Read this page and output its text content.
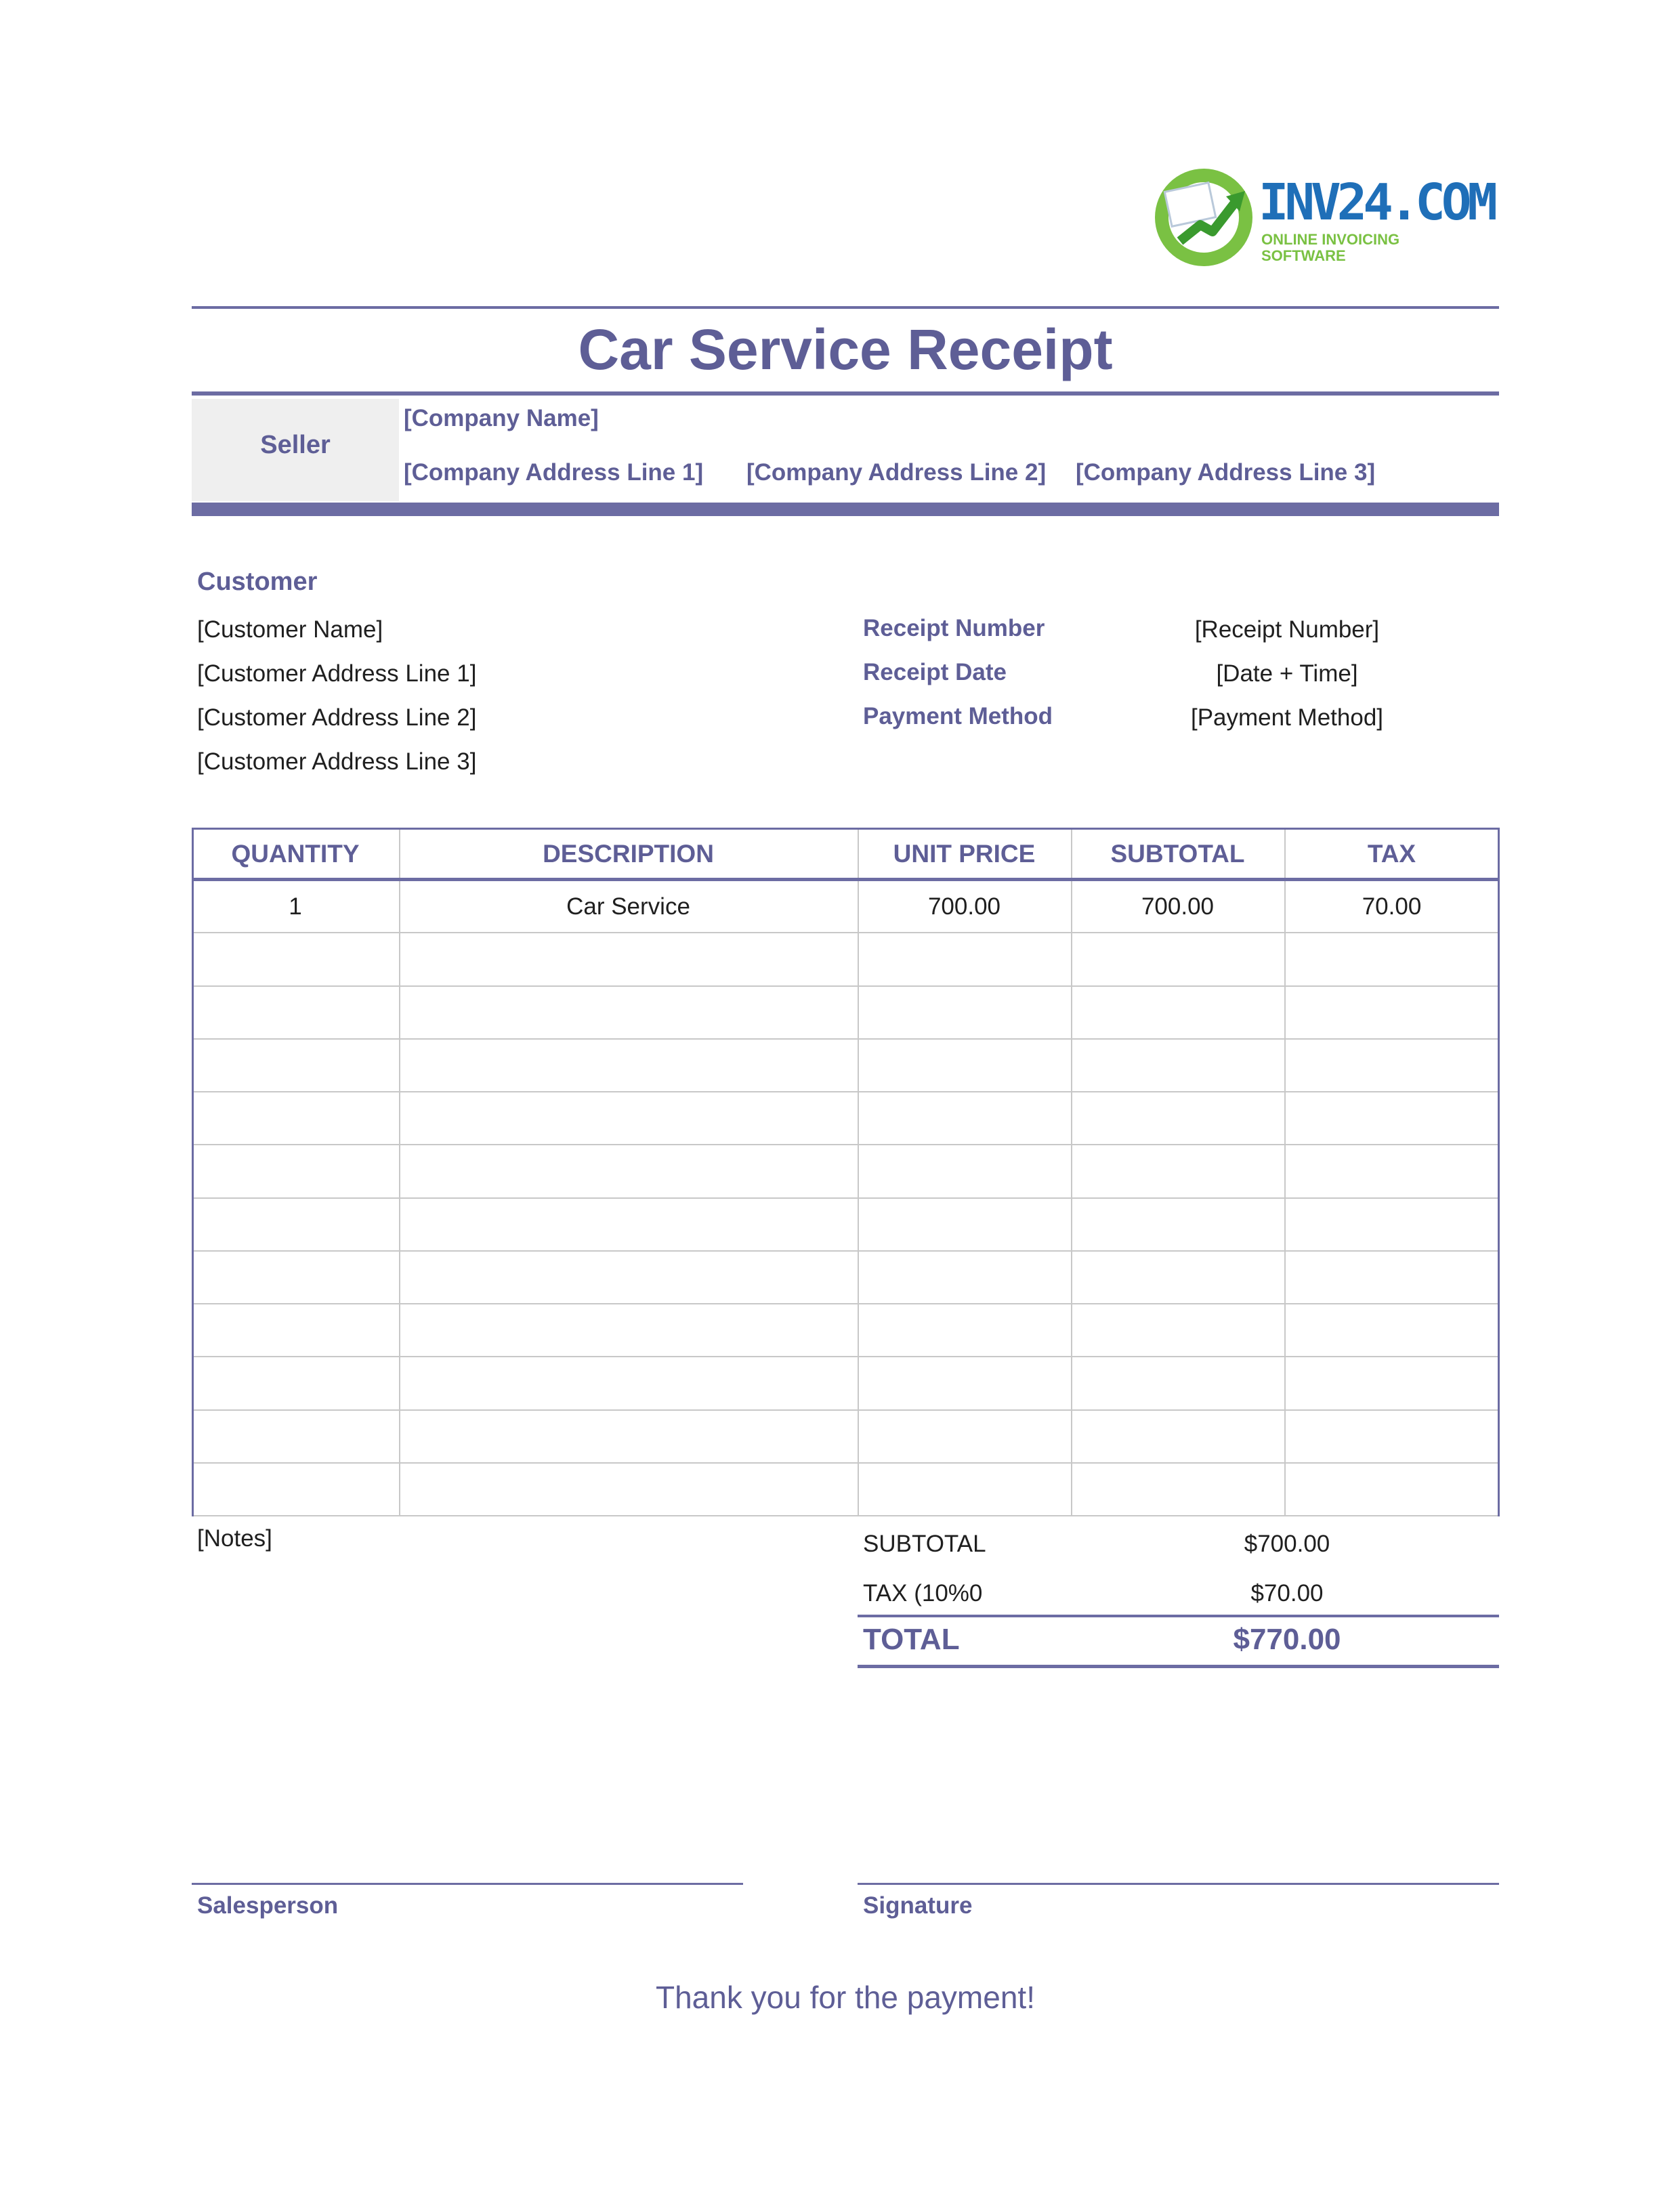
INV24.COM
ONLINE INVOICING SOFTWARE
Car Service Receipt
Seller
[Company Name]
[Company Address Line 1] [Company Address Line 2] [Company Address Line 3]
Customer
[Customer Name]
[Customer Address Line 1]
[Customer Address Line 2]
[Customer Address Line 3]
Receipt Number	[Receipt Number]
Receipt Date	[Date + Time]
Payment Method	[Payment Method]
QUANTITY	DESCRIPTION	UNIT PRICE	SUBTOTAL	TAX
1	Car Service	700.00	700.00	70.00
[Notes]	SUBTOTAL	$700.00
TAX (10%0	$70.00
TOTAL	$770.00
Salesperson	Signature
Thank you for the payment!
